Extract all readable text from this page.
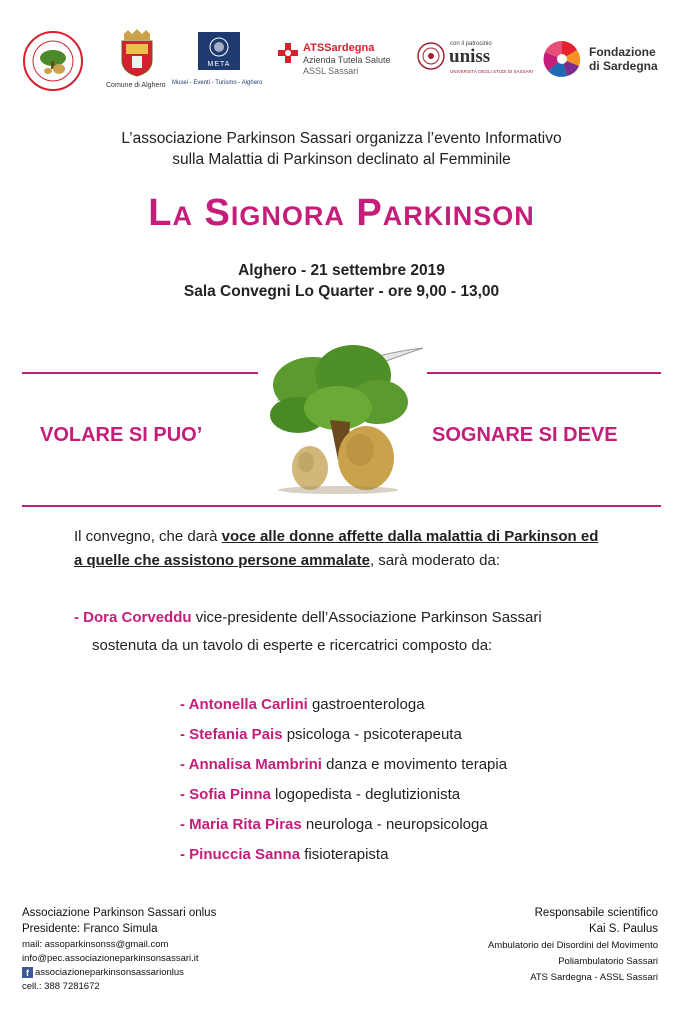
Comune di Alghero
META
Musei - Eventi - Turismo - Alghero
ATSSardegna
Azienda Tutela Salute
ASSL Sassari
con il patrocinio
uniss
UNIVERSITÀ DEGLI STUDI DI SASSARI
Fondazione
di Sardegna
L’associazione Parkinson Sassari organizza l’evento Informativo
sulla Malattia di Parkinson declinato al Femminile
La Signora Parkinson
Alghero - 21 settembre 2019
Sala Convegni Lo Quarter - ore 9,00 - 13,00
VOLARE SI PUO’	SOGNARE SI DEVE
Il convegno, che darà voce alle donne affette dalla malattia di Parkinson ed
a quelle che assistono persone ammalate, sarà moderato da:
- Dora Corveddu vice-presidente dell’Associazione Parkinson Sassari
sostenuta da un tavolo di esperte e ricercatrici composto da:
- Antonella Carlini gastroenterologa
- Stefania Pais psicologa - psicoterapeuta
- Annalisa Mambrini danza e movimento terapia
- Sofia Pinna logopedista - deglutizionista
- Maria Rita Piras neurologa - neuropsicologa
- Pinuccia Sanna fisioterapista
Associazione Parkinson Sassari onlus
Presidente: Franco Simula
mail: assoparkinsonss@gmail.com
info@pec.associazioneparkinsonsassari.it
f associazioneparkinsonsassarionlus
cell.: 388 7281672
Responsabile scientifico
Kai S. Paulus
Ambulatorio dei Disordini del Movimento
Poliambulatorio Sassari
ATS Sardegna - ASSL Sassari
